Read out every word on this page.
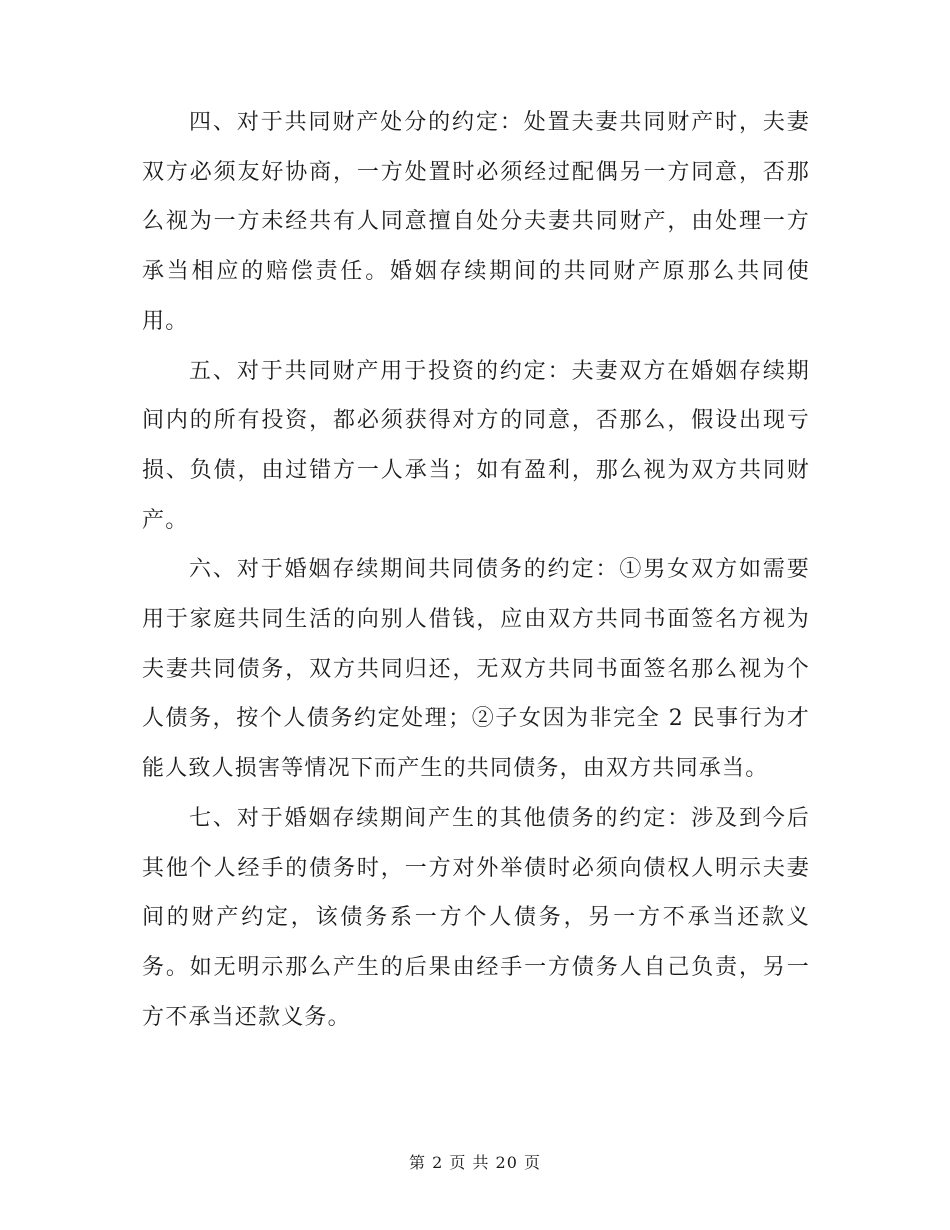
四、对于共同财产处分的约定：处置夫妻共同财产时，夫妻双方必须友好协商，一方处置时必须经过配偶另一方同意，否那么视为一方未经共有人同意擅自处分夫妻共同财产，由处理一方承当相应的赔偿责任。婚姻存续期间的共同财产原那么共同使用。

五、对于共同财产用于投资的约定：夫妻双方在婚姻存续期间内的所有投资，都必须获得对方的同意，否那么，假设出现亏损、负债，由过错方一人承当；如有盈利，那么视为双方共同财产。

六、对于婚姻存续期间共同债务的约定：①男女双方如需要用于家庭共同生活的向别人借钱，应由双方共同书面签名方视为夫妻共同债务，双方共同归还，无双方共同书面签名那么视为个人债务，按个人债务约定处理；②子女因为非完全 2 民事行为才能人致人损害等情况下而产生的共同债务，由双方共同承当。

七、对于婚姻存续期间产生的其他债务的约定：涉及到今后其他个人经手的债务时，一方对外举债时必须向债权人明示夫妻间的财产约定，该债务系一方个人债务，另一方不承当还款义务。如无明示那么产生的后果由经手一方债务人自己负责，另一方不承当还款义务。

第 2 页 共 20 页
